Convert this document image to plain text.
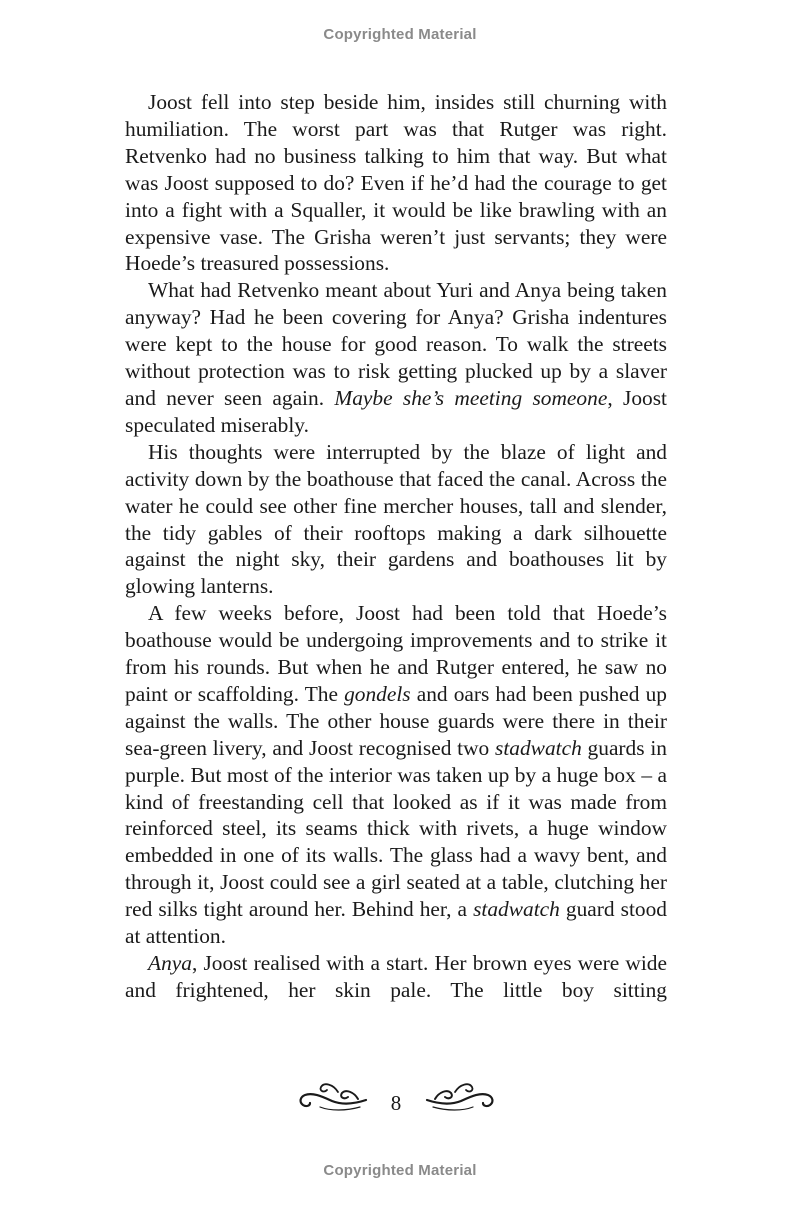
Copyrighted Material

Joost fell into step beside him, insides still churning with humiliation. The worst part was that Rutger was right. Retvenko had no business talking to him that way. But what was Joost supposed to do? Even if he’d had the courage to get into a fight with a Squaller, it would be like brawling with an expensive vase. The Grisha weren’t just servants; they were Hoede’s treasured possessions.

What had Retvenko meant about Yuri and Anya being taken anyway? Had he been covering for Anya? Grisha indentures were kept to the house for good reason. To walk the streets without protection was to risk getting plucked up by a slaver and never seen again. Maybe she’s meeting someone, Joost speculated miserably.

His thoughts were interrupted by the blaze of light and activity down by the boathouse that faced the canal. Across the water he could see other fine mercher houses, tall and slender, the tidy gables of their rooftops making a dark silhouette against the night sky, their gardens and boathouses lit by glowing lanterns.

A few weeks before, Joost had been told that Hoede’s boathouse would be undergoing improvements and to strike it from his rounds. But when he and Rutger entered, he saw no paint or scaffolding. The gondels and oars had been pushed up against the walls. The other house guards were there in their sea-green livery, and Joost recognised two stadwatch guards in purple. But most of the interior was taken up by a huge box – a kind of freestanding cell that looked as if it was made from reinforced steel, its seams thick with rivets, a huge window embedded in one of its walls. The glass had a wavy bent, and through it, Joost could see a girl seated at a table, clutching her red silks tight around her. Behind her, a stadwatch guard stood at attention.

Anya, Joost realised with a start. Her brown eyes were wide and frightened, her skin pale. The little boy sitting

8
Copyrighted Material
